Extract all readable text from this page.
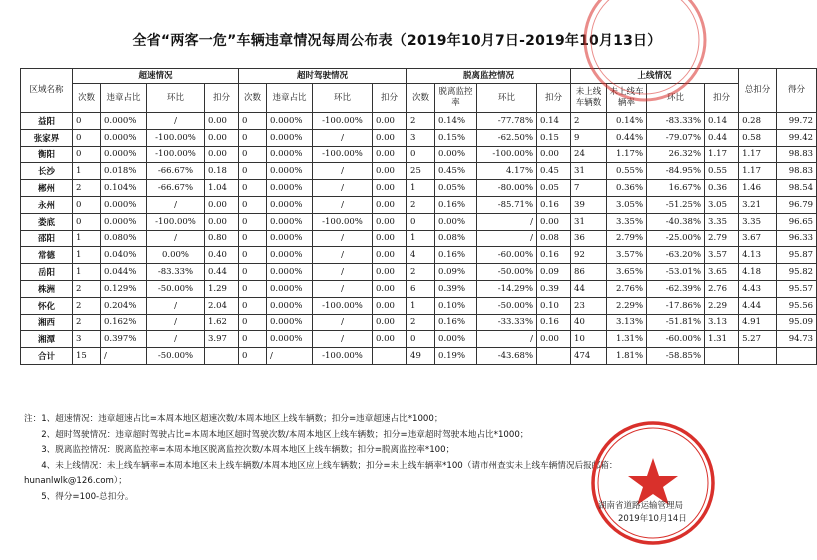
全省“两客一危”车辆违章情况每周公布表（2019年10月7日-2019年10月13日）
区域名称	超速情况				超时驾驶情况				脱离监控情况				上线情况				总扣分	得分
	次数	违章占比	环比	扣分	次数	违章占比	环比	扣分	次数	脱离监控率	环比	扣分	未上线车辆数	未上线车辆率	环比	扣分		
益阳	0	0.000%	/	0.00	0	0.000%	-100.00%	0.00	2	0.14%	-77.78%	0.14	2	0.14%	-83.33%	0.14	0.28	99.72
张家界	0	0.000%	-100.00%	0.00	0	0.000%	/	0.00	3	0.15%	-62.50%	0.15	9	0.44%	-79.07%	0.44	0.58	99.42
衡阳	0	0.000%	-100.00%	0.00	0	0.000%	-100.00%	0.00	0	0.00%	-100.00%	0.00	24	1.17%	26.32%	1.17	1.17	98.83
长沙	1	0.018%	-66.67%	0.18	0	0.000%	/	0.00	25	0.45%	4.17%	0.45	31	0.55%	-84.95%	0.55	1.17	98.83
郴州	2	0.104%	-66.67%	1.04	0	0.000%	/	0.00	1	0.05%	-80.00%	0.05	7	0.36%	16.67%	0.36	1.46	98.54
永州	0	0.000%	/	0.00	0	0.000%	/	0.00	2	0.16%	-85.71%	0.16	39	3.05%	-51.25%	3.05	3.21	96.79
娄底	0	0.000%	-100.00%	0.00	0	0.000%	-100.00%	0.00	0	0.00%	/	0.00	31	3.35%	-40.38%	3.35	3.35	96.65
邵阳	1	0.080%	/	0.80	0	0.000%	/	0.00	1	0.08%	/	0.08	36	2.79%	-25.00%	2.79	3.67	96.33
常德	1	0.040%	0.00%	0.40	0	0.000%	/	0.00	4	0.16%	-60.00%	0.16	92	3.57%	-63.20%	3.57	4.13	95.87
岳阳	1	0.044%	-83.33%	0.44	0	0.000%	/	0.00	2	0.09%	-50.00%	0.09	86	3.65%	-53.01%	3.65	4.18	95.82
株洲	2	0.129%	-50.00%	1.29	0	0.000%	/	0.00	6	0.39%	-14.29%	0.39	44	2.76%	-62.39%	2.76	4.43	95.57
怀化	2	0.204%	/	2.04	0	0.000%	-100.00%	0.00	1	0.10%	-50.00%	0.10	23	2.29%	-17.86%	2.29	4.44	95.56
湘西	2	0.162%	/	1.62	0	0.000%	/	0.00	2	0.16%	-33.33%	0.16	40	3.13%	-51.81%	3.13	4.91	95.09
湘潭	3	0.397%	/	3.97	0	0.000%	/	0.00	0	0.00%	/	0.00	10	1.31%	-60.00%	1.31	5.27	94.73
合计	15	/	-50.00%		0	/	-100.00%		49	0.19%	-43.68%		474	1.81%	-58.85%			
注：1、超速情况：违章超速占比=本周本地区超速次数/本周本地区上线车辆数；扣分=违章超速占比*1000；
　　2、超时驾驶情况：违章超时驾驶占比=本周本地区超时驾驶次数/本周本地区上线车辆数；扣分=违章超时驾驶本地占比*1000；
　　3、脱离监控情况：脱离监控率=本周本地区脱离监控次数/本周本地区上线车辆数；扣分=脱离监控率*100；
　　4、未上线情况：未上线车辆率=本周本地区未上线车辆数/本周本地区应上线车辆数；扣分=未上线车辆率*100（请市州查实未上线车辆情况后报邮箱：
hunanlwlk@126.com）；
　　5、得分=100-总扣分。
湖南省道路运输管理局
2019年10月14日
